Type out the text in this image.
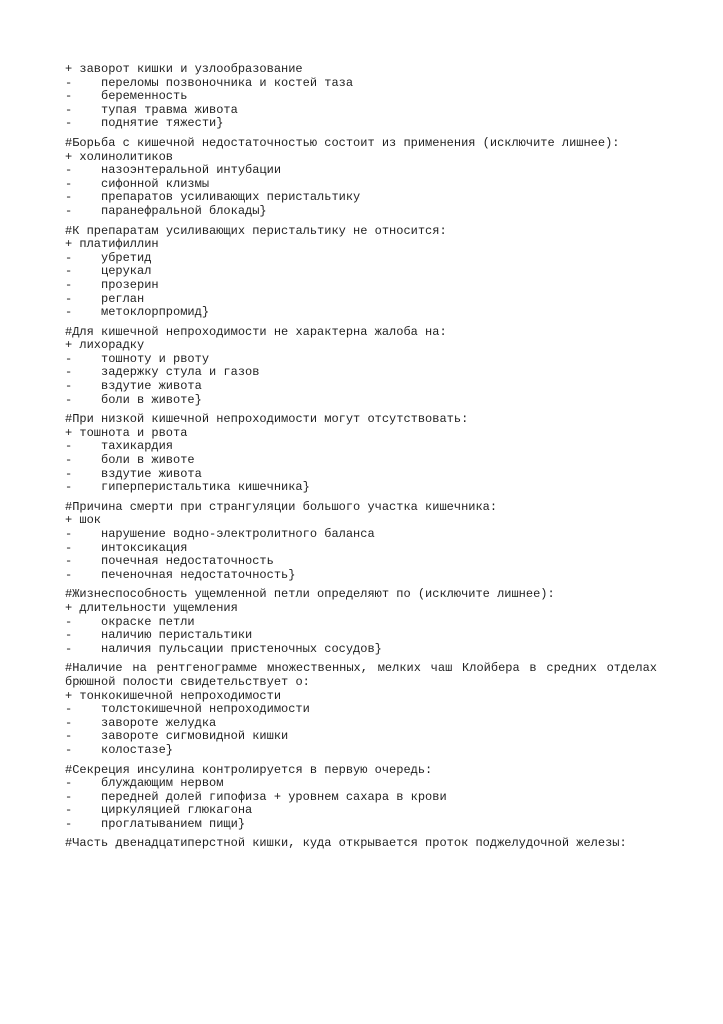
+ заворот кишки и узлообразование
-	переломы позвоночника и костей таза
-	беременность
-	тупая травма живота
-	поднятие тяжести}

#Борьба с кишечной недостаточностью состоит из применения (исключите лишнее):

+ холинолитиков
-	назоэнтеральной интубации
-	сифонной клизмы
-	препаратов усиливающих перистальтику
-	паранефральной блокады}

#К препаратам усиливающих перистальтику не относится:

+ платифиллин
-	убретид
-	церукал
-	прозерин
-	реглан
-	метоклорпромид}

#Для кишечной непроходимости не характерна жалоба на:

+ лихорадку
-	тошноту и рвоту
-	задержку стула и газов
-	вздутие живота
-	боли в животе}

#При низкой кишечной непроходимости могут отсутствовать:

+ тошнота и рвота
-	тахикардия
-	боли в животе
-	вздутие живота
-	гиперперистальтика кишечника}

#Причина смерти при странгуляции большого участка кишечника:

+ шок
-	нарушение водно-электролитного баланса
-	интоксикация
-	почечная недостаточность
-	печеночная недостаточность}

#Жизнеспособность ущемленной петли определяют по (исключите лишнее):

+ длительности ущемления
-	окраске петли
-	наличию перистальтики
-	наличия пульсации пристеночных сосудов}

#Наличие на рентгенограмме множественных, мелких чаш Клойбера в средних отделах брюшной полости свидетельствует о:

+ тонкокишечной непроходимости
-	толстокишечной непроходимости
-	завороте желудка
-	завороте сигмовидной кишки
-	колостазе}

#Секреция инсулина контролируется в первую очередь:

-	блуждающим нервом
-	передней долей гипофиза + уровнем сахара в крови
-	циркуляцией глюкагона
-	проглатыванием пищи}

#Часть двенадцатиперстной кишки, куда открывается проток поджелудочной железы:
